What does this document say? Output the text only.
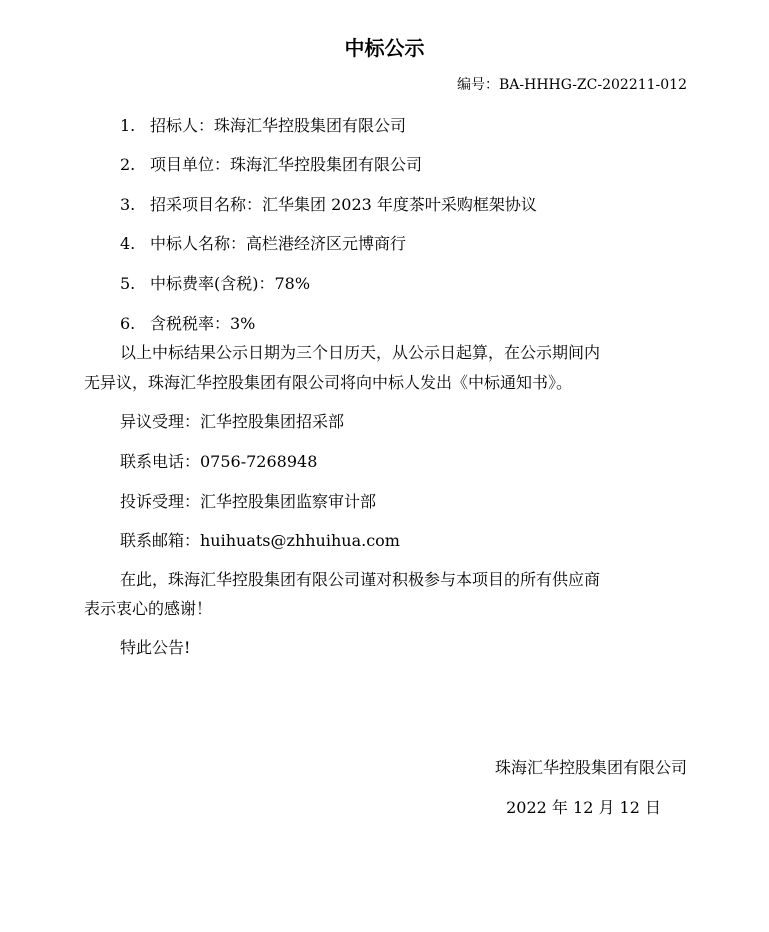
中标公示
编号：BA-HHHG-ZC-202211-012
1. 招标人：珠海汇华控股集团有限公司
2. 项目单位：珠海汇华控股集团有限公司
3. 招采项目名称：汇华集团 2023 年度茶叶采购框架协议
4. 中标人名称：高栏港经济区元博商行
5. 中标费率(含税)：78%
6. 含税税率：3%
以上中标结果公示日期为三个日历天，从公示日起算，在公示期间内
无异议，珠海汇华控股集团有限公司将向中标人发出《中标通知书》。
异议受理：汇华控股集团招采部
联系电话：0756-7268948
投诉受理：汇华控股集团监察审计部
联系邮箱：huihuats@zhhuihua.com
在此，珠海汇华控股集团有限公司谨对积极参与本项目的所有供应商
表示衷心的感谢！
特此公告!
珠海汇华控股集团有限公司
2022 年 12 月 12 日
